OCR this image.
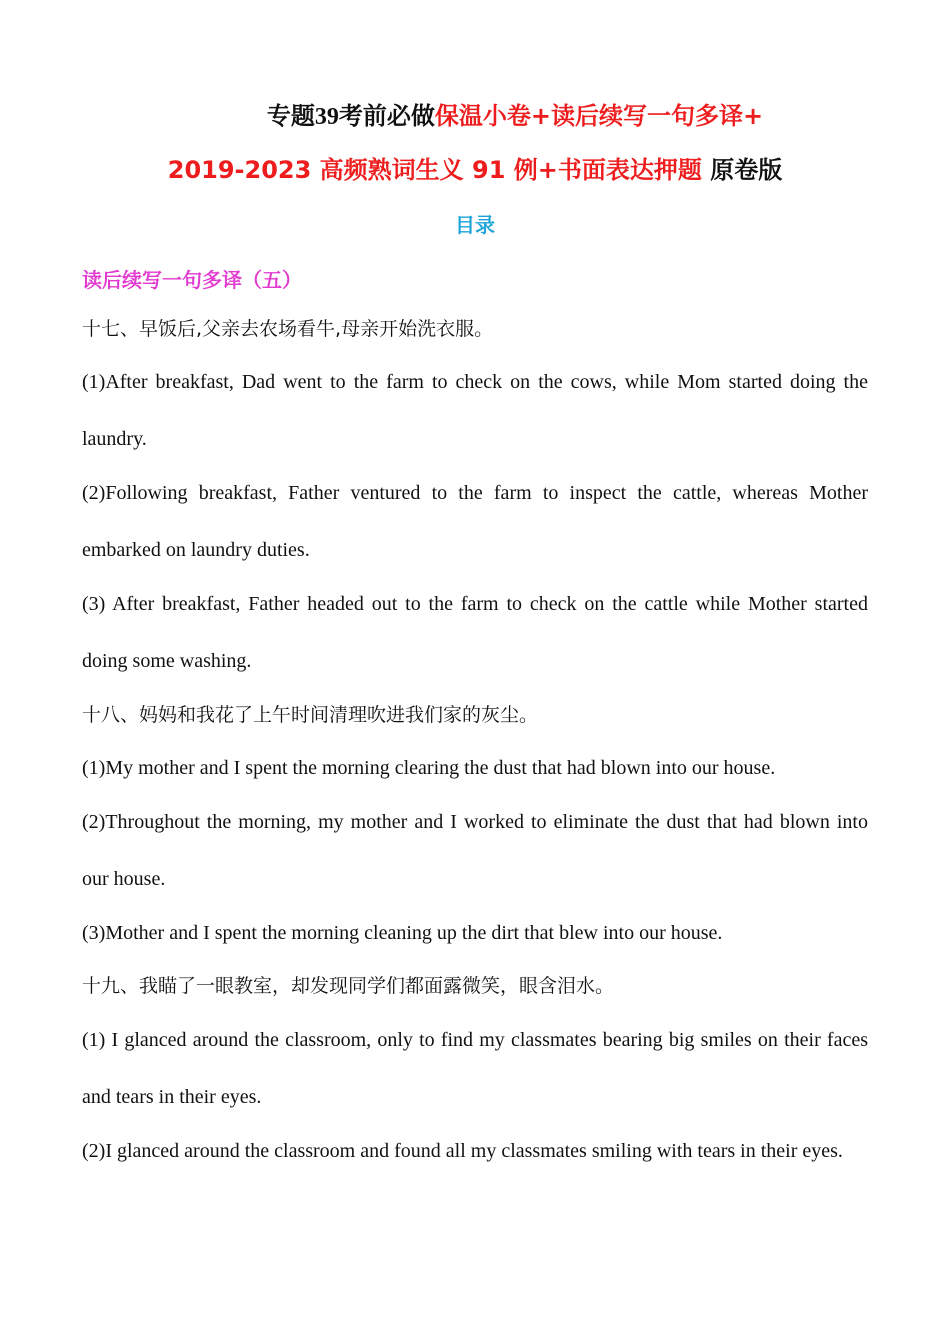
专题39考前必做保温小卷+读后续写一句多译+
2019-2023 高频熟词生义 91 例+书面表达押题 原卷版
目录
读后续写一句多译（五）

十七、早饭后,父亲去农场看牛,母亲开始洗衣服。

(1)After breakfast, Dad went to the farm to check on the cows, while Mom started doing the laundry.

(2)Following breakfast, Father ventured to the farm to inspect the cattle, whereas Mother embarked on laundry duties.

(3) After breakfast, Father headed out to the farm to check on the cattle while Mother started doing some washing.

十八、妈妈和我花了上午时间清理吹进我们家的灰尘。

(1)My mother and I spent the morning clearing the dust that had blown into our house.

(2)Throughout the morning, my mother and I worked to eliminate the dust that had blown into our house.

(3)Mother and I spent the morning cleaning up the dirt that blew into our house.

十九、我瞄了一眼教室，却发现同学们都面露微笑，眼含泪水。

(1) I glanced around the classroom, only to find my classmates bearing big smiles on their faces and tears in their eyes.

(2)I glanced around the classroom and found all my classmates smiling with tears in their eyes.
